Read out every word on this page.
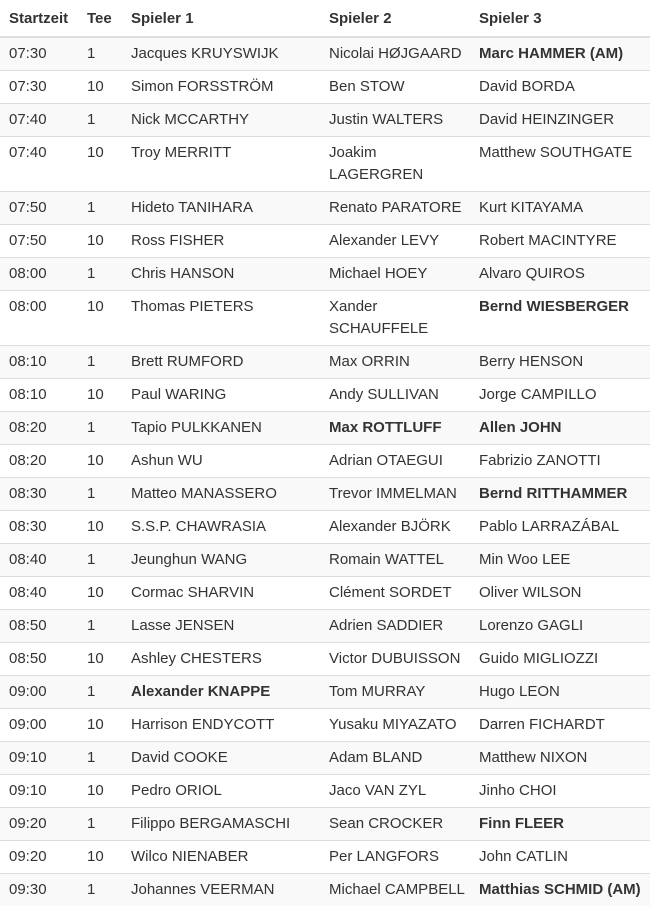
Startzeit	Tee	Spieler 1	Spieler 2	Spieler 3
07:30	1	Jacques KRUYSWIJK	Nicolai HØJGAARD	Marc HAMMER (AM)
07:30	10	Simon FORSSTRÖM	Ben STOW	David BORDA
07:40	1	Nick MCCARTHY	Justin WALTERS	David HEINZINGER
07:40	10	Troy MERRITT	Joakim LAGERGREN	Matthew SOUTHGATE
07:50	1	Hideto TANIHARA	Renato PARATORE	Kurt KITAYAMA
07:50	10	Ross FISHER	Alexander LEVY	Robert MACINTYRE
08:00	1	Chris HANSON	Michael HOEY	Alvaro QUIROS
08:00	10	Thomas PIETERS	Xander SCHAUFFELE	Bernd WIESBERGER
08:10	1	Brett RUMFORD	Max ORRIN	Berry HENSON
08:10	10	Paul WARING	Andy SULLIVAN	Jorge CAMPILLO
08:20	1	Tapio PULKKANEN	Max ROTTLUFF	Allen JOHN
08:20	10	Ashun WU	Adrian OTAEGUI	Fabrizio ZANOTTI
08:30	1	Matteo MANASSERO	Trevor IMMELMAN	Bernd RITTHAMMER
08:30	10	S.S.P. CHAWRASIA	Alexander BJÖRK	Pablo LARRAZÁBAL
08:40	1	Jeunghun WANG	Romain WATTEL	Min Woo LEE
08:40	10	Cormac SHARVIN	Clément SORDET	Oliver WILSON
08:50	1	Lasse JENSEN	Adrien SADDIER	Lorenzo GAGLI
08:50	10	Ashley CHESTERS	Victor DUBUISSON	Guido MIGLIOZZI
09:00	1	Alexander KNAPPE	Tom MURRAY	Hugo LEON
09:00	10	Harrison ENDYCOTT	Yusaku MIYAZATO	Darren FICHARDT
09:10	1	David COOKE	Adam BLAND	Matthew NIXON
09:10	10	Pedro ORIOL	Jaco VAN ZYL	Jinho CHOI
09:20	1	Filippo BERGAMASCHI	Sean CROCKER	Finn FLEER
09:20	10	Wilco NIENABER	Per LANGFORS	John CATLIN
09:30	1	Johannes VEERMAN	Michael CAMPBELL	Matthias SCHMID (AM)
